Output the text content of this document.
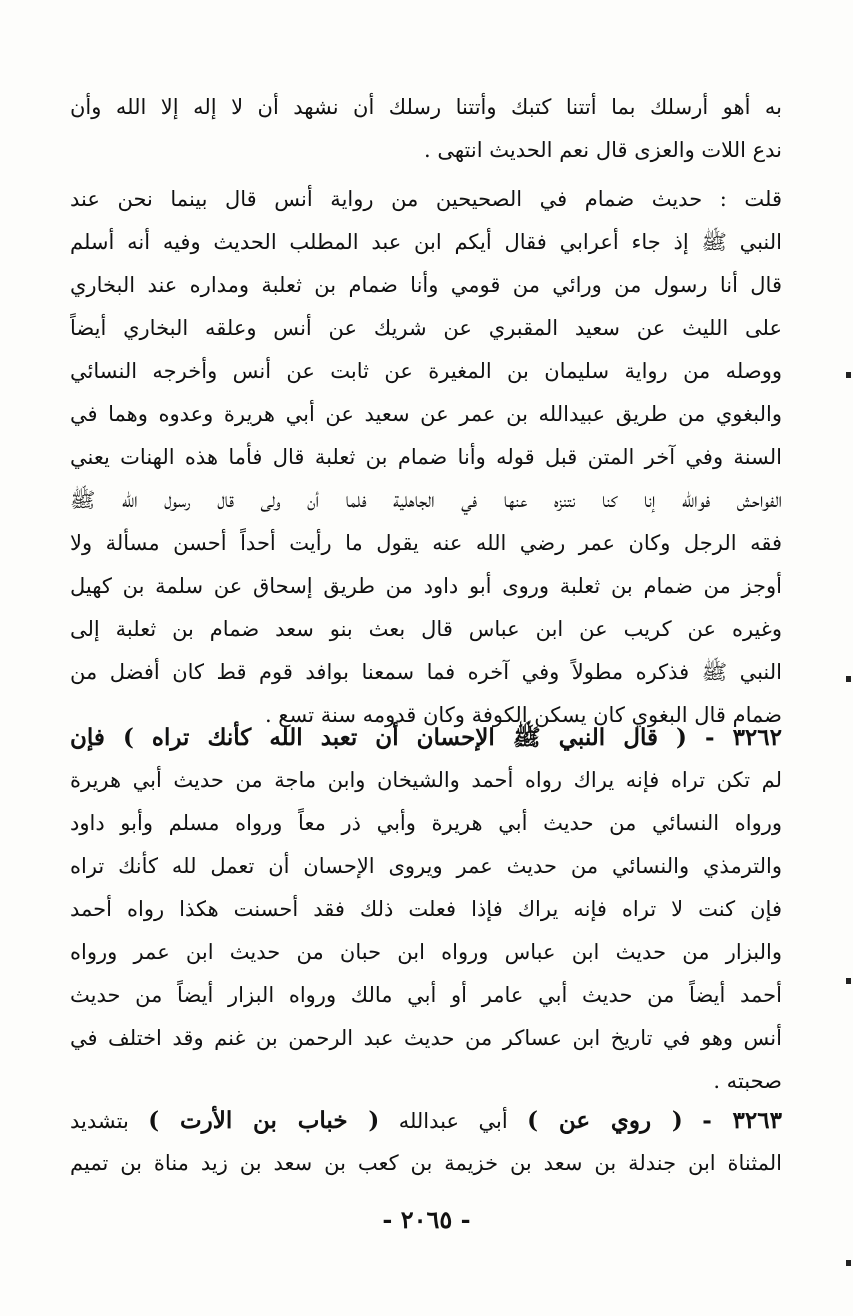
به أهو أرسلك بما أتتنا كتبك وأتتنا رسلك أن نشهد أن لا إله إلا الله وأن
ندع اللات والعزى قال نعم الحديث انتهى .
قلت : حديث ضمام في الصحيحين من رواية أنس قال بينما نحن عند
النبي ﷺ إذ جاء أعرابي فقال أيكم ابن عبد المطلب الحديث وفيه أنه أسلم
قال أنا رسول من ورائي من قومي وأنا ضمام بن ثعلبة ومداره عند البخاري
على الليث عن سعيد المقبري عن شريك عن أنس وعلقه البخاري أيضاً
ووصله من رواية سليمان بن المغيرة عن ثابت عن أنس وأخرجه النسائي
والبغوي من طريق عبيدالله بن عمر عن سعيد عن أبي هريرة وعدوه وهما في
السنة وفي آخر المتن قبل قوله وأنا ضمام بن ثعلبة قال فأما هذه الهنات يعني
الفواحش فوالله إنا كنا نتنزه عنها في الجاهلية فلما أن ولى قال رسول الله ﷺ
فقه الرجل وكان عمر رضي الله عنه يقول ما رأيت أحداً أحسن مسألة ولا
أوجز من ضمام بن ثعلبة وروى أبو داود من طريق إسحاق عن سلمة بن كهيل
وغيره عن كريب عن ابن عباس قال بعث بنو سعد ضمام بن ثعلبة إلى
النبي ﷺ فذكره مطولاً وفي آخره فما سمعنا بوافد قوم قط كان أفضل من
ضمام قال البغوي كان يسكن الكوفة وكان قدومه سنة تسع .
٣٢٦٢ - ( قال النبي ﷺ الإحسان أن تعبد الله كأنك تراه ) فإن
لم تكن تراه فإنه يراك رواه أحمد والشيخان وابن ماجة من حديث أبي هريرة
ورواه النسائي من حديث أبي هريرة وأبي ذر معاً ورواه مسلم وأبو داود
والترمذي والنسائي من حديث عمر ويروى الإحسان أن تعمل لله كأنك تراه
فإن كنت لا تراه فإنه يراك فإذا فعلت ذلك فقد أحسنت هكذا رواه أحمد
والبزار من حديث ابن عباس ورواه ابن حبان من حديث ابن عمر ورواه
أحمد أيضاً من حديث أبي عامر أو أبي مالك ورواه البزار أيضاً من حديث
أنس وهو في تاريخ ابن عساكر من حديث عبد الرحمن بن غنم وقد اختلف في
صحبته .
٣٢٦٣ - ( روي عن ) أبي عبدالله ( خباب بن الأرت ) بتشديد
المثناة ابن جندلة بن سعد بن خزيمة بن كعب بن سعد بن زيد مناة بن تميم
- ٢٠٦٥ -
